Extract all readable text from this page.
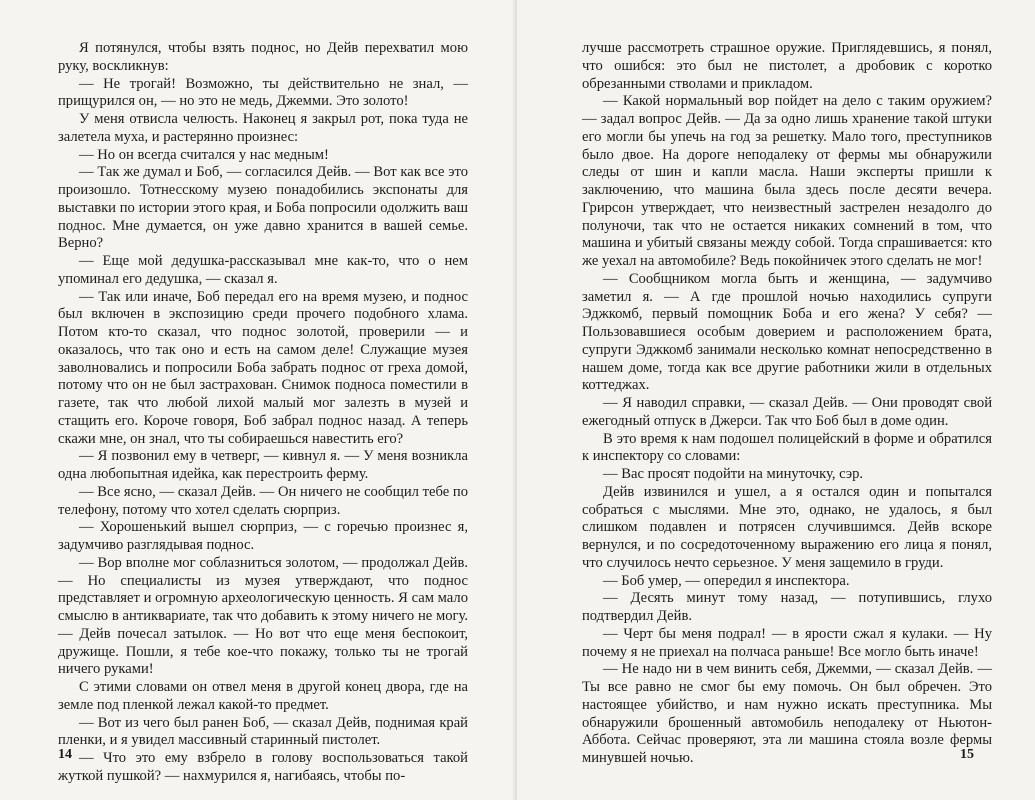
Я потянулся, чтобы взять поднос, но Дейв перехватил мою руку, воскликнув:

— Не трогай! Возможно, ты действительно не знал, — прищурился он, — но это не медь, Джемми. Это золото!

У меня отвисла челюсть. Наконец я закрыл рот, пока туда не залетела муха, и растерянно произнес:

— Но он всегда считался у нас медным!

— Так же думал и Боб, — согласился Дейв. — Вот как все это произошло. Тотнесскому музею понадобились экспонаты для выставки по истории этого края, и Боба попросили одолжить ваш поднос. Мне думается, он уже давно хранится в вашей семье. Верно?

— Еще мой дедушка-рассказывал мне как-то, что о нем упоминал его дедушка, — сказал я.

— Так или иначе, Боб передал его на время музею, и поднос был включен в экспозицию среди прочего подобного хлама. Потом кто-то сказал, что поднос золотой, проверили — и оказалось, что так оно и есть на самом деле! Служащие музея заволновались и попросили Боба забрать поднос от греха домой, потому что он не был застрахован. Снимок подноса поместили в газете, так что любой лихой малый мог залезть в музей и стащить его. Короче говоря, Боб забрал поднос назад. А теперь скажи мне, он знал, что ты собираешься навестить его?

— Я позвонил ему в четверг, — кивнул я. — У меня возникла одна любопытная идейка, как перестроить ферму.

— Все ясно, — сказал Дейв. — Он ничего не сообщил тебе по телефону, потому что хотел сделать сюрприз.

— Хорошенький вышел сюрприз, — с горечью произнес я, задумчиво разглядывая поднос.

— Вор вполне мог соблазниться золотом, — продолжал Дейв. — Но специалисты из музея утверждают, что поднос представляет и огромную археологическую ценность. Я сам мало смыслю в антиквариате, так что добавить к этому ничего не могу. — Дейв почесал затылок. — Но вот что еще меня беспокоит, дружище. Пошли, я тебе кое-что покажу, только ты не трогай ничего руками!

С этими словами он отвел меня в другой конец двора, где на земле под пленкой лежал какой-то предмет.

— Вот из чего был ранен Боб, — сказал Дейв, поднимая край пленки, и я увидел массивный старинный пистолет.

— Что это ему взбрело в голову воспользоваться такой жуткой пушкой? — нахмурился я, нагибаясь, чтобы по-

14

лучше рассмотреть страшное оружие. Приглядевшись, я понял, что ошибся: это был не пистолет, а дробовик с коротко обрезанными стволами и прикладом.

— Какой нормальный вор пойдет на дело с таким оружием? — задал вопрос Дейв. — Да за одно лишь хранение такой штуки его могли бы упечь на год за решетку. Мало того, преступников было двое. На дороге неподалеку от фермы мы обнаружили следы от шин и капли масла. Наши эксперты пришли к заключению, что машина была здесь после десяти вечера. Грирсон утверждает, что неизвестный застрелен незадолго до полуночи, так что не остается никаких сомнений в том, что машина и убитый связаны между собой. Тогда спрашивается: кто же уехал на автомобиле? Ведь покойничек этого сделать не мог!

— Сообщником могла быть и женщина, — задумчиво заметил я. — А где прошлой ночью находились супруги Эджкомб, первый помощник Боба и его жена? У себя? — Пользовавшиеся особым доверием и расположением брата, супруги Эджкомб занимали несколько комнат непосредственно в нашем доме, тогда как все другие работники жили в отдельных коттеджах.

— Я наводил справки, — сказал Дейв. — Они проводят свой ежегодный отпуск в Джерси. Так что Боб был в доме один.

В это время к нам подошел полицейский в форме и обратился к инспектору со словами:

— Вас просят подойти на минуточку, сэр.

Дейв извинился и ушел, а я остался один и попытался собраться с мыслями. Мне это, однако, не удалось, я был слишком подавлен и потрясен случившимся. Дейв вскоре вернулся, и по сосредоточенному выражению его лица я понял, что случилось нечто серьезное. У меня защемило в груди.

— Боб умер, — опередил я инспектора.

— Десять минут тому назад, — потупившись, глухо подтвердил Дейв.

— Черт бы меня подрал! — в ярости сжал я кулаки. — Ну почему я не приехал на полчаса раньше! Все могло быть иначе!

— Не надо ни в чем винить себя, Джемми, — сказал Дейв. — Ты все равно не смог бы ему помочь. Он был обречен. Это настоящее убийство, и нам нужно искать преступника. Мы обнаружили брошенный автомобиль неподалеку от Ньютон-Аббота. Сейчас проверяют, эта ли машина стояла возле фермы минувшей ночью.	15
